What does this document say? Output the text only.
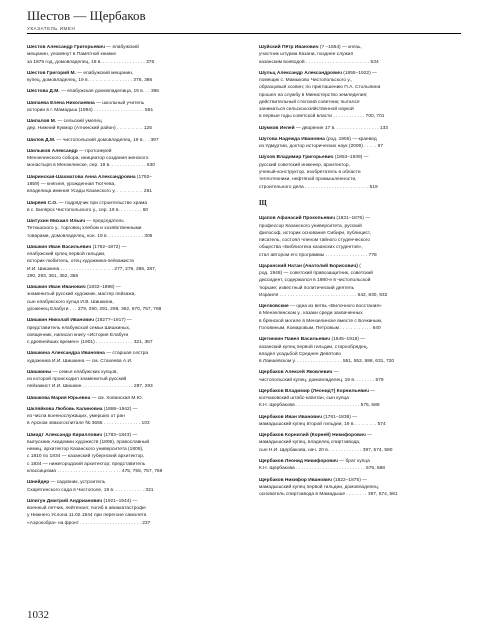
Шестов — Щербаков
УКАЗАТЕЛЬ ИМЕН
Шестов Александр Григорьевич — елабужский
мещанин, упомянут в Памятной книжке
за 1875 год, домовладелец, 19 в. . . . . . . . . . . . . . . . . 376
Шестов Григорий М. — елабужский мещанин,
купец, домовладелец, 19 в. . . . . . . . . . . . . . . . . 376, 386
Шестова Д.М. — елабужская домовладелица, 19 в. . . 386
Шипаева Елена Николаевна — школьный учитель
истории в г. Мамадыш (1994) . . . . . . . . . . . . . . . . . . . 591
Шипалов М. — сельский умелец
дер. Нижний Кукмор (Атнинский район) . . . . . . . . . . 125
Шилов Д.М. — чистопольский домовладелец, 19 в. . . 397
Шилыков Александр — протоиерей
Мензелинского собора, инициатор создания женского
монастыря в Мензелинске, сер. 19 в. . . . . . . . . . . . . . 630
Ширинская-Шахматова Анна Александровна (1792–
1859) — княгиня, урожденная Тютчева,
владелица имения Усады Казанского у. . . . . . . . . . . 261
Ширяев С.О. — подрядчик при строительстве храма
в с. Билярск Чистопольского у., сер. 19 в. . . . . . . . . 60
Шитухин Михаил Ильич — председатель
Тетюшского у., торговец хлебом и хозяйственными
товарами, домовладелец, кон. 19 в. . . . . . . . . . . . . . 305
Шишкин Иван Васильевич (1792–1872) —
елабужский купец первой гильдии,
историк-любитель, отец художника-пейзажиста
И.И. Шишкина . . . . . . . . . . . . . . . . . . . . 277, 279, 286, 287,
290, 293, 361, 362, 365
Шишкин Иван Иванович (1832–1898) —
знаменитый русский художник, мастер пейзажа,
сын елабужского купца И.В. Шишкина,
уроженец Елабуги . . . 279, 290, 291, 298, 362, 670, 757, 768
Шишкин Николай Иванович (1827?–1917) —
представитель елабужской семьи Шишкиных,
священник, написал книгу «История Елабуги
с древнейших времен» (1901) . . . . . . . . . . . . . . 321, 367
Шишкина Александра Ивановна — старшая сестра
художника И.И. Шишкина — см. Стахеева А.И.
Шишкины — семья елабужских купцов,
из которой происходил знаменитый русский
пейзажист И.И. Шишкин . . . . . . . . . . . . . . . . . . . 287, 293
Шишкова Мария Юрьевна — см. Хованская М.Ю.
Шкляйкова Любовь Калиновна (1886–1942) —
из числа военнослужащих, умерших от ран
в Арском эвакогоспитале № 3655 . . . . . . . . . . . . . . 103
Шмидт Александр Кириллович (1783–1843) —
выпускник Академии художеств (1806), православный
немец, архитектор Казанского университета (1809),
с 1810 по 1834 — казанский губернский архитектор,
с 1834 — нижегородский архитектор; представитель
классицизма . . . . . . . . . . . . . . . . . . . . . . . . 475, 755, 757, 768
Шнейдер — садовник, устроитель
Скарятинского сада в Чистополе, 19 в. . . . . . . . . . . . 321
Шпигун Дмитрий Андрианович (1921–1944) —
военный летчик, лейтенант, погиб в авиакатастрофе
у Нижнего Услона 11.02.1944 при перегоне самолета
«Аэрокобра» на фронт . . . . . . . . . . . . . . . . . . . . . . . 237
Шуйский Пётр Иванович (? –1564) — князь,
участник штурма Казани, позднее служил
казанским воеводой . . . . . . . . . . . . . . . . . . . . . . . . 534
Шульц Александр Александрович (1855–1922) —
помещик с. Мамыково Чистопольского у.,
образцовый хозяин; по приглашению П.А. Столыпина
прошел на службу в Министерство земледелия;
действительный статский советник; пытался
заниматься сельскохозяйственной наукой
в первые годы советской власти . . . . . . . . . . . . 700, 701
Шумков Иелей — дворянин 17 в. . . . . . . . . . . . . . . . . 133
Шутова Надежда Ивановна (род. 1955) — краевед
из Удмуртии, доктор исторических наук (2009) . . . . . 97
Шухов Владимир Григорьевич (1853–1939) —
русский советский инженер, архитектор,
ученый-конструктор, изобретатель в области
теплотехники, нефтяной промышленности,
строительного дела . . . . . . . . . . . . . . . . . . . . . . . . 519
Щ
Щапов Афанасий Прокопьевич (1831–1876) —
профессор Казанского университета, русский
философ, историк основания Сибири, публицист,
писатель, состоял членом тайного студенческого
общества «Библиотека казанских студентов»,
стал автором его программы . . . . . . . . . . . . . . . . 778
Щаранский Натан (Анатолий Борисович) (
род. 1948) — советский правозащитник, советский
диссидент, содержался в 1980-е в чистопольской
тюрьме; известный политический деятель
Израиля . . . . . . . . . . . . . . . . . . . . . . . . . . . . . 642, 830, 932
Щелковские — одна из ветвь «Вилочного восстания»
в Мензелинском у., казаки среди захваченных
в брянской могиле в Мензелинске вместе с Бочкиным,
Головиным, Комаровым, Петровым . . . . . . . . . . . . 640
Щетинкин Павел Васильевич (1845–1918) —
казанский купец первой гильдии, старообрядец,
владел усадьбой Среднее Девятово
в Лаишевском у. . . . . . . . . . . . . . . . . . 551, 552, 598, 631, 720
Щербаков Алексей Яковлевич —
чистопольский купец, домовладелец, 19 в. . . . . . . . 579
Щербаков Владимир (Леонид?) Корнильевич —
колчаковский штабс-капитан, сын купца
К.Н. Щербакова . . . . . . . . . . . . . . . . . . . . . . . . 575, 588
Щербаков Иван Иванович (1781–1838) —
мамадышский купец второй гильдии, 19 в. . . . . . . . . 574
Щербаков Корнилий (Корней) Никифорович —
мамадышский купец, владелец спиртзавода,
сын Н.И. Щербакова, нач. 20 в. . . . . . . . . . . . . 397, 574, 590
Щербаков Леонид Никифорович — брат купца
К.Н. Щербакова . . . . . . . . . . . . . . . . . . . . . . . . . . 575, 588
Щербаков Никифор Иванович (1822–1875) —
мамадышский купец первой гильдии, домовладелец,
основатель спиртзавода в Мамадыше . . . . . . . . 397, 574, 581
1032
